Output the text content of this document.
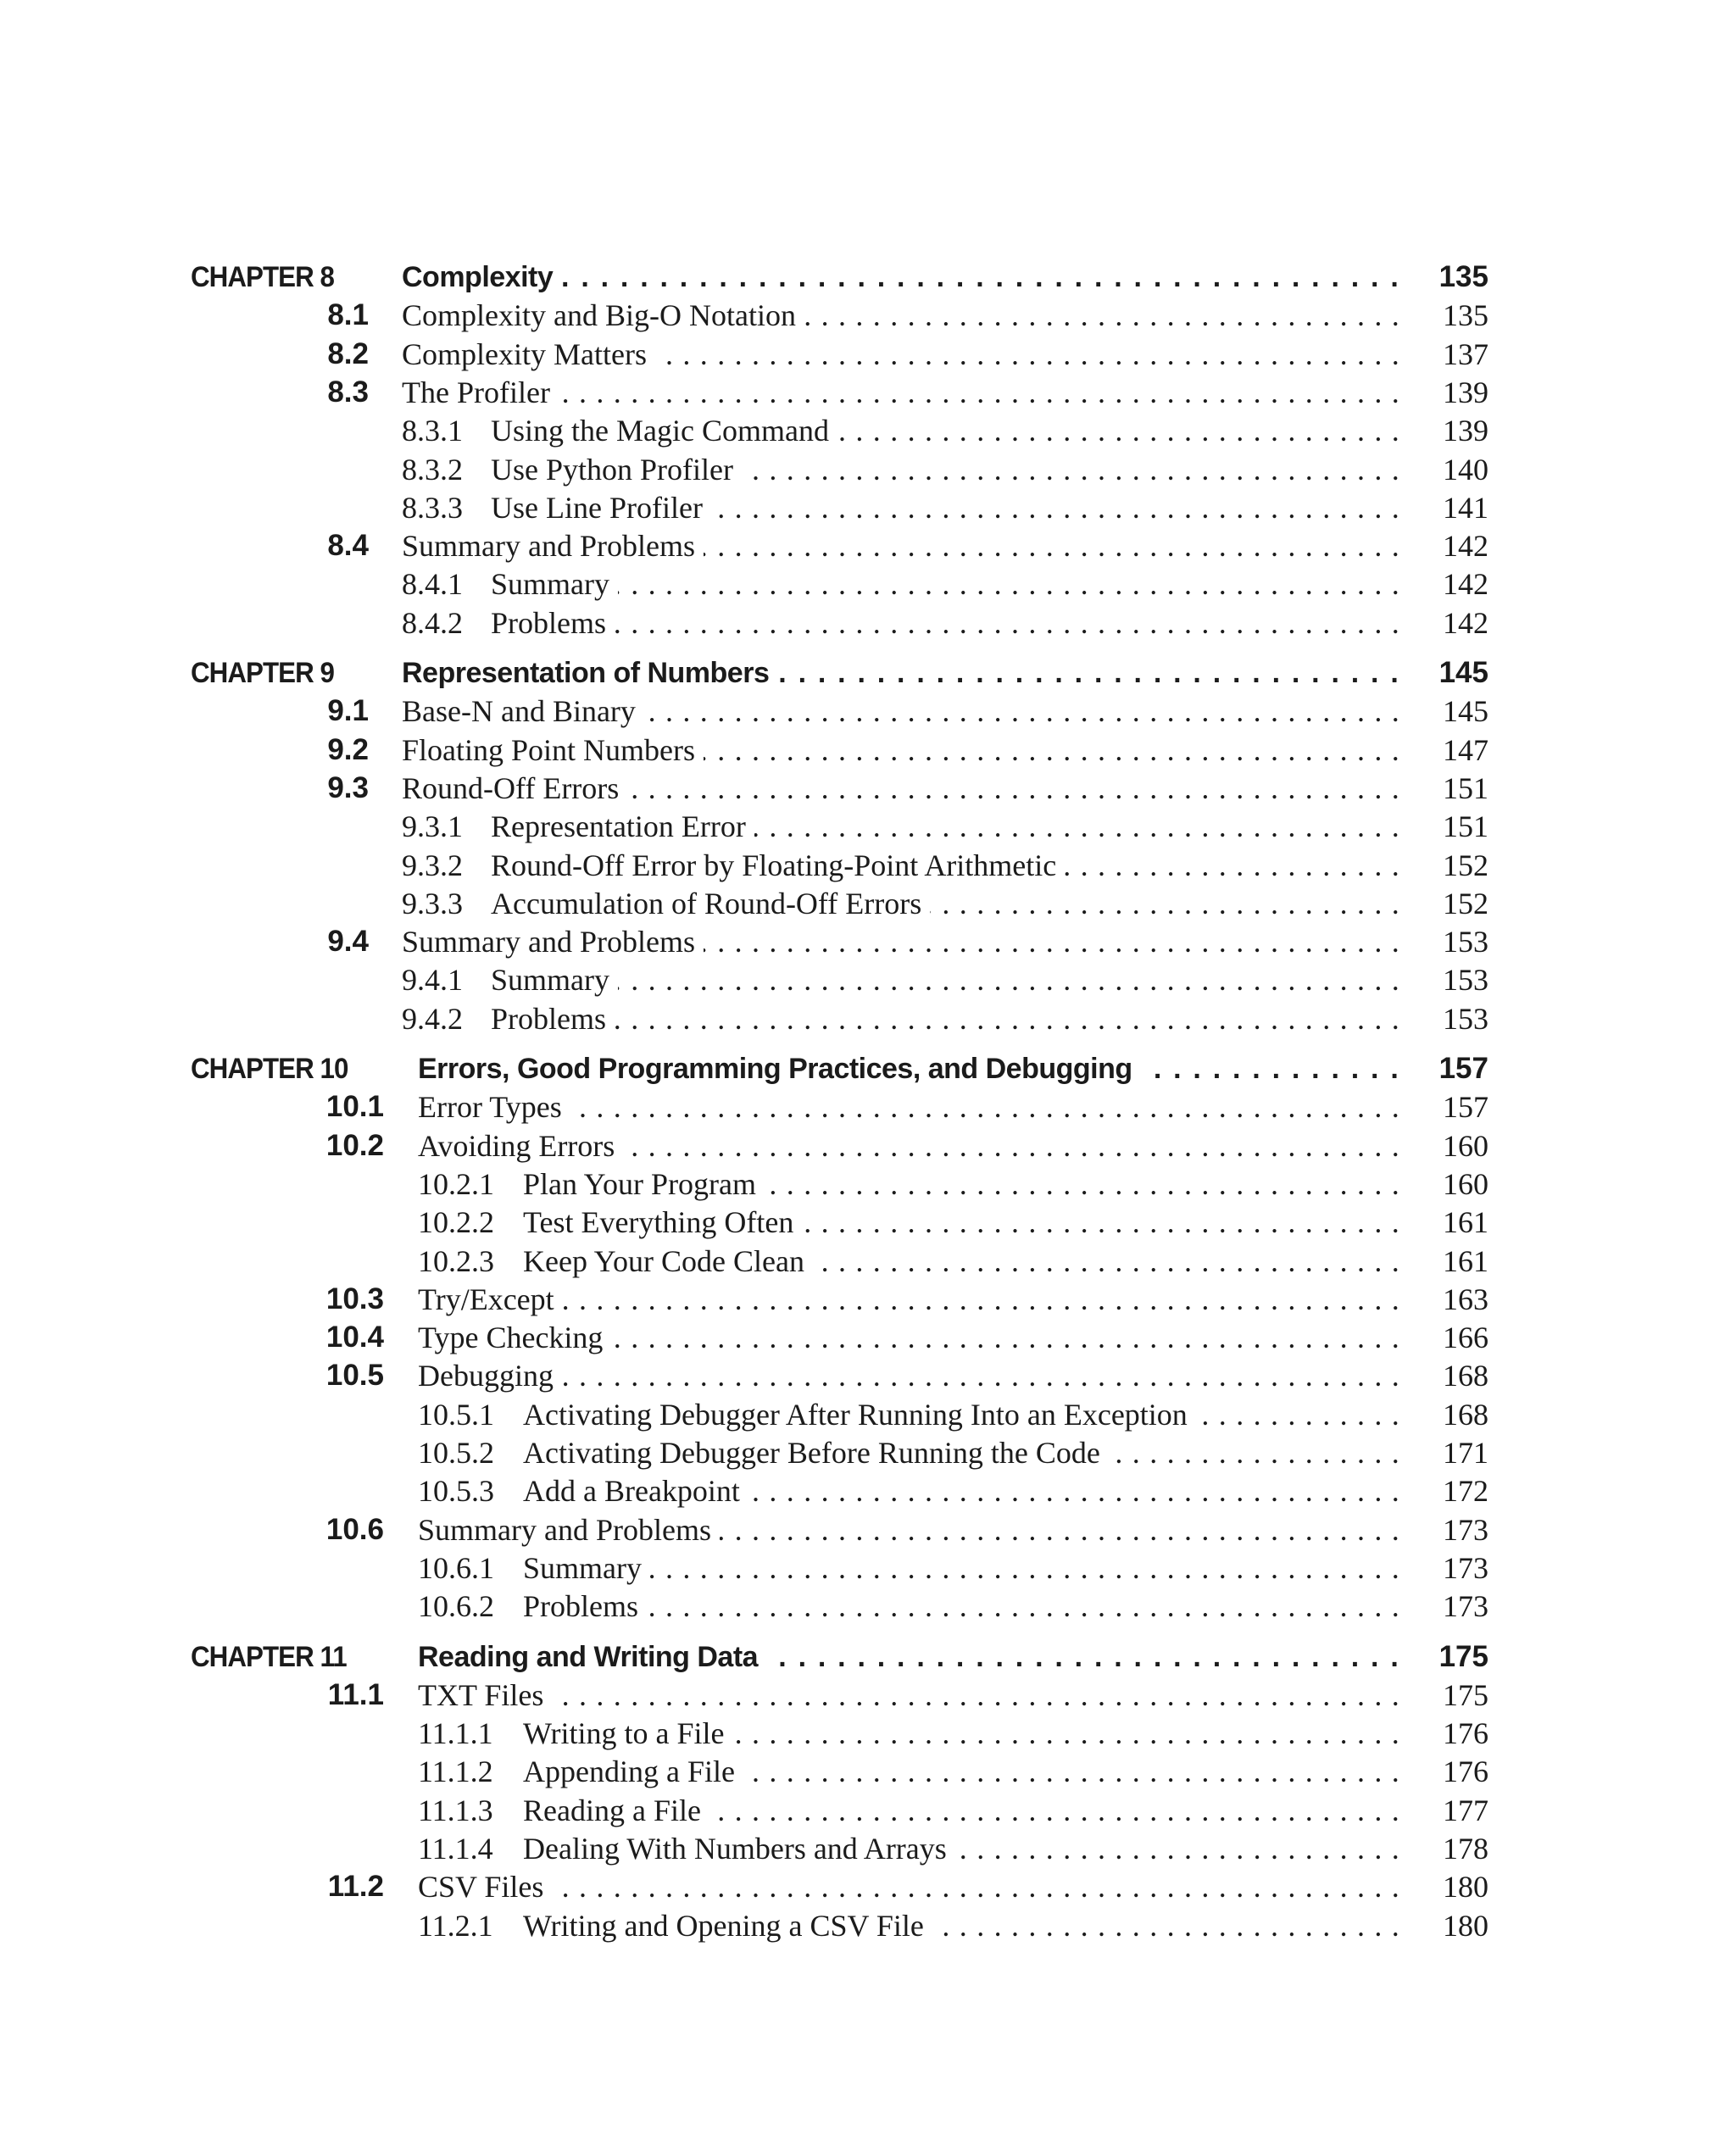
CHAPTER 8 Complexity . . .	135
8.1 Complexity and Big-O Notation . . .	135
8.2 Complexity Matters . . .	137
8.3 The Profiler . . .	139
8.3.1 Using the Magic Command . . .	139
8.3.2 Use Python Profiler . . .	140
8.3.3 Use Line Profiler . . .	141
8.4 Summary and Problems . . .	142
8.4.1 Summary . . .	142
8.4.2 Problems . . .	142
CHAPTER 9 Representation of Numbers . . .	145
9.1 Base-N and Binary . . .	145
9.2 Floating Point Numbers . . .	147
9.3 Round-Off Errors . . .	151
9.3.1 Representation Error . . .	151
9.3.2 Round-Off Error by Floating-Point Arithmetic . . .	152
9.3.3 Accumulation of Round-Off Errors . . .	152
9.4 Summary and Problems . . .	153
9.4.1 Summary . . .	153
9.4.2 Problems . . .	153
CHAPTER 10 Errors, Good Programming Practices, and Debugging . . .	157
10.1 Error Types . . .	157
10.2 Avoiding Errors . . .	160
10.2.1 Plan Your Program . . .	160
10.2.2 Test Everything Often . . .	161
10.2.3 Keep Your Code Clean . . .	161
10.3 Try/Except . . .	163
10.4 Type Checking . . .	166
10.5 Debugging . . .	168
10.5.1 Activating Debugger After Running Into an Exception . . .	168
10.5.2 Activating Debugger Before Running the Code . . .	171
10.5.3 Add a Breakpoint . . .	172
10.6 Summary and Problems . . .	173
10.6.1 Summary . . .	173
10.6.2 Problems . . .	173
CHAPTER 11 Reading and Writing Data . . .	175
11.1 TXT Files . . .	175
11.1.1 Writing to a File . . .	176
11.1.2 Appending a File . . .	176
11.1.3 Reading a File . . .	177
11.1.4 Dealing With Numbers and Arrays . . .	178
11.2 CSV Files . . .	180
11.2.1 Writing and Opening a CSV File . . .	180
